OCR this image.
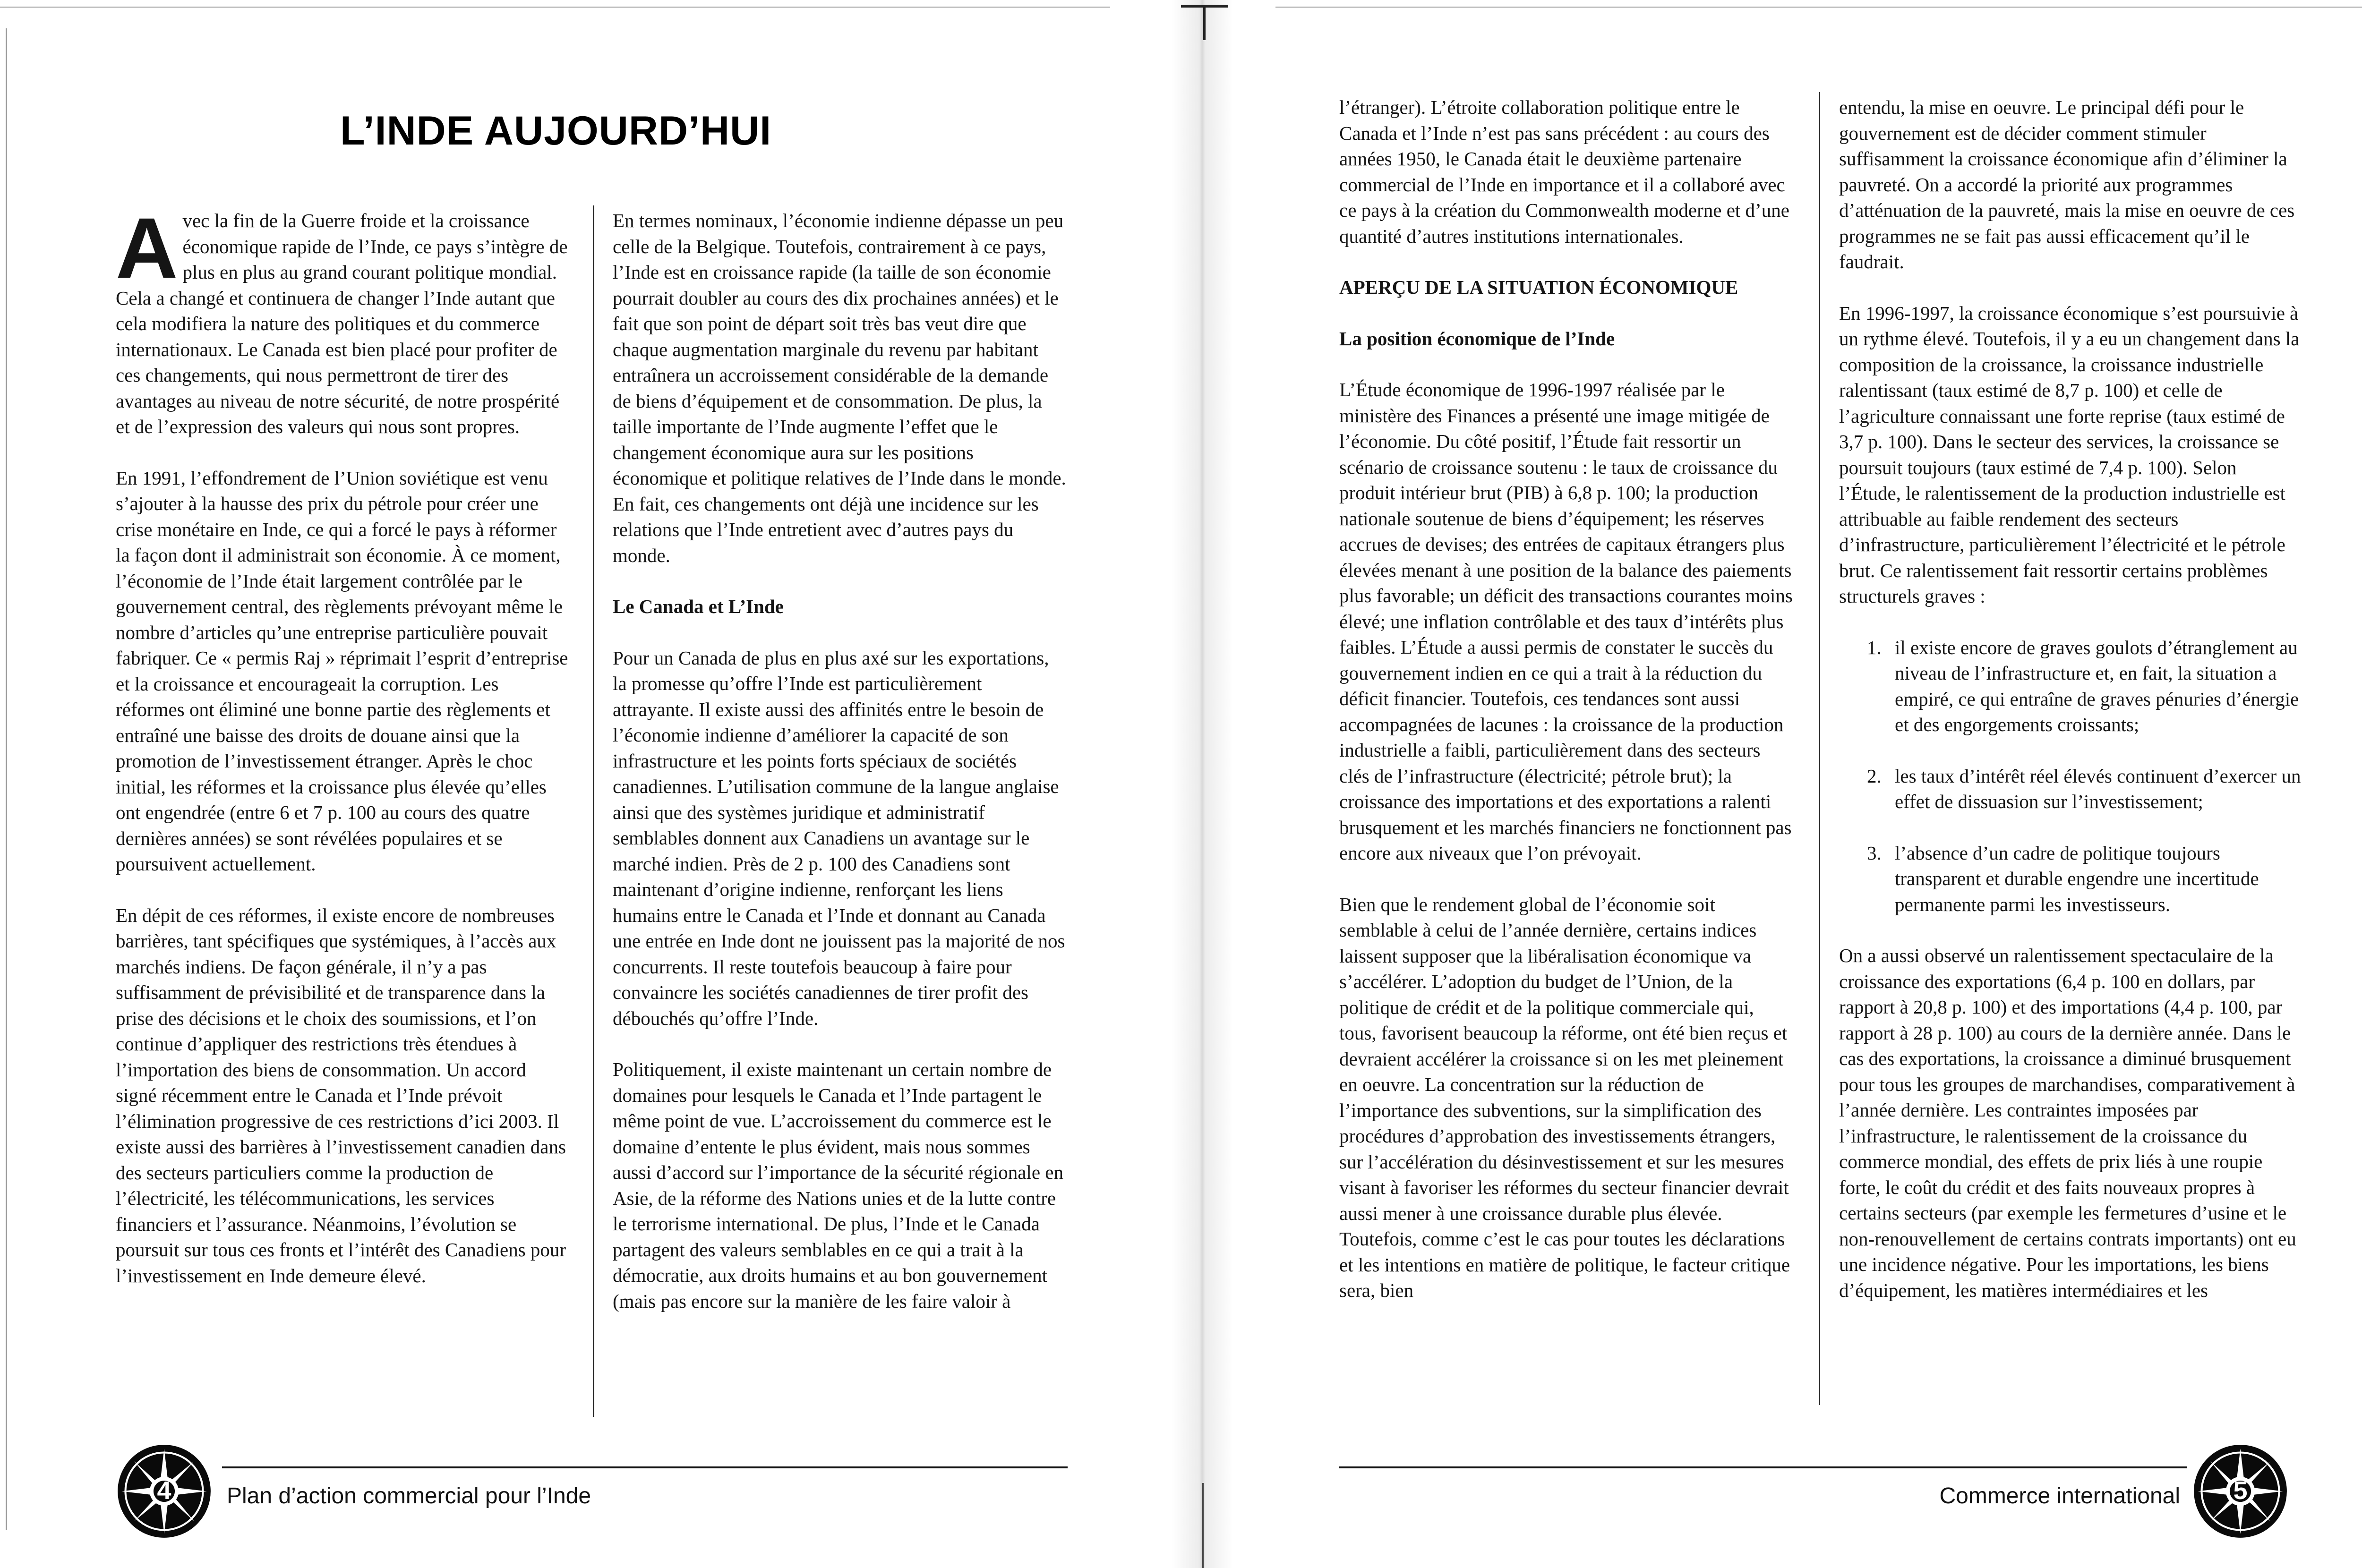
L’INDE AUJOURD’HUI

Avec la fin de la Guerre froide et la croissance économique rapide de l’Inde, ce pays s’intègre de plus en plus au grand courant politique mondial. Cela a changé et continuera de changer l’Inde autant que cela modifiera la nature des politiques et du commerce internationaux. Le Canada est bien placé pour profiter de ces changements, qui nous permettront de tirer des avantages au niveau de notre sécurité, de notre prospérité et de l’expression des valeurs qui nous sont propres.

En 1991, l’effondrement de l’Union soviétique est venu s’ajouter à la hausse des prix du pétrole pour créer une crise monétaire en Inde, ce qui a forcé le pays à réformer la façon dont il administrait son économie. À ce moment, l’économie de l’Inde était largement contrôlée par le gouvernement central, des règlements prévoyant même le nombre d’articles qu’une entreprise particulière pouvait fabriquer. Ce « permis Raj » réprimait l’esprit d’entreprise et la croissance et encourageait la corruption. Les réformes ont éliminé une bonne partie des règlements et entraîné une baisse des droits de douane ainsi que la promotion de l’investissement étranger. Après le choc initial, les réformes et la croissance plus élevée qu’elles ont engendrée (entre 6 et 7 p. 100 au cours des quatre dernières années) se sont révélées populaires et se poursuivent actuellement.

En dépit de ces réformes, il existe encore de nombreuses barrières, tant spécifiques que systémiques, à l’accès aux marchés indiens. De façon générale, il n’y a pas suffisamment de prévisibilité et de transparence dans la prise des décisions et le choix des soumissions, et l’on continue d’appliquer des restrictions très étendues à l’importation des biens de consommation. Un accord signé récemment entre le Canada et l’Inde prévoit l’élimination progressive de ces restrictions d’ici 2003. Il existe aussi des barrières à l’investissement canadien dans des secteurs particuliers comme la production de l’électricité, les télécommunications, les services financiers et l’assurance. Néanmoins, l’évolution se poursuit sur tous ces fronts et l’intérêt des Canadiens pour l’investissement en Inde demeure élevé.

En termes nominaux, l’économie indienne dépasse un peu celle de la Belgique. Toutefois, contrairement à ce pays, l’Inde est en croissance rapide (la taille de son économie pourrait doubler au cours des dix prochaines années) et le fait que son point de départ soit très bas veut dire que chaque augmentation marginale du revenu par habitant entraînera un accroissement considérable de la demande de biens d’équipement et de consommation. De plus, la taille importante de l’Inde augmente l’effet que le changement économique aura sur les positions économique et politique relatives de l’Inde dans le monde. En fait, ces changements ont déjà une incidence sur les relations que l’Inde entretient avec d’autres pays du monde.

Le Canada et L’Inde

Pour un Canada de plus en plus axé sur les exportations, la promesse qu’offre l’Inde est particulièrement attrayante. Il existe aussi des affinités entre le besoin de l’économie indienne d’améliorer la capacité de son infrastructure et les points forts spéciaux de sociétés canadiennes. L’utilisation commune de la langue anglaise ainsi que des systèmes juridique et administratif semblables donnent aux Canadiens un avantage sur le marché indien. Près de 2 p. 100 des Canadiens sont maintenant d’origine indienne, renforçant les liens humains entre le Canada et l’Inde et donnant au Canada une entrée en Inde dont ne jouissent pas la majorité de nos concurrents. Il reste toutefois beaucoup à faire pour convaincre les sociétés canadiennes de tirer profit des débouchés qu’offre l’Inde.

Politiquement, il existe maintenant un certain nombre de domaines pour lesquels le Canada et l’Inde partagent le même point de vue. L’accroissement du commerce est le domaine d’entente le plus évident, mais nous sommes aussi d’accord sur l’importance de la sécurité régionale en Asie, de la réforme des Nations unies et de la lutte contre le terrorisme international. De plus, l’Inde et le Canada partagent des valeurs semblables en ce qui a trait à la démocratie, aux droits humains et au bon gouvernement (mais pas encore sur la manière de les faire valoir à

4	Plan d’action commercial pour l’Inde

l’étranger). L’étroite collaboration politique entre le Canada et l’Inde n’est pas sans précédent : au cours des années 1950, le Canada était le deuxième partenaire commercial de l’Inde en importance et il a collaboré avec ce pays à la création du Commonwealth moderne et d’une quantité d’autres institutions internationales.

APERÇU DE LA SITUATION ÉCONOMIQUE
La position économique de l’Inde

L’Étude économique de 1996-1997 réalisée par le ministère des Finances a présenté une image mitigée de l’économie. Du côté positif, l’Étude fait ressortir un scénario de croissance soutenu : le taux de croissance du produit intérieur brut (PIB) à 6,8 p. 100; la production nationale soutenue de biens d’équipement; les réserves accrues de devises; des entrées de capitaux étrangers plus élevées menant à une position de la balance des paiements plus favorable; un déficit des transactions courantes moins élevé; une inflation contrôlable et des taux d’intérêts plus faibles. L’Étude a aussi permis de constater le succès du gouvernement indien en ce qui a trait à la réduction du déficit financier. Toutefois, ces tendances sont aussi accompagnées de lacunes : la croissance de la production industrielle a faibli, particulièrement dans des secteurs clés de l’infrastructure (électricité; pétrole brut); la croissance des importations et des exportations a ralenti brusquement et les marchés financiers ne fonctionnent pas encore aux niveaux que l’on prévoyait.

Bien que le rendement global de l’économie soit semblable à celui de l’année dernière, certains indices laissent supposer que la libéralisation économique va s’accélérer. L’adoption du budget de l’Union, de la politique de crédit et de la politique commerciale qui, tous, favorisent beaucoup la réforme, ont été bien reçus et devraient accélérer la croissance si on les met pleinement en oeuvre. La concentration sur la réduction de l’importance des subventions, sur la simplification des procédures d’approbation des investissements étrangers, sur l’accélération du désinvestissement et sur les mesures visant à favoriser les réformes du secteur financier devrait aussi mener à une croissance durable plus élevée. Toutefois, comme c’est le cas pour toutes les déclarations et les intentions en matière de politique, le facteur critique sera, bien

entendu, la mise en oeuvre. Le principal défi pour le gouvernement est de décider comment stimuler suffisamment la croissance économique afin d’éliminer la pauvreté. On a accordé la priorité aux programmes d’atténuation de la pauvreté, mais la mise en oeuvre de ces programmes ne se fait pas aussi efficacement qu’il le faudrait.

En 1996-1997, la croissance économique s’est poursuivie à un rythme élevé. Toutefois, il y a eu un changement dans la composition de la croissance, la croissance industrielle ralentissant (taux estimé de 8,7 p. 100) et celle de l’agriculture connaissant une forte reprise (taux estimé de 3,7 p. 100). Dans le secteur des services, la croissance se poursuit toujours (taux estimé de 7,4 p. 100). Selon l’Étude, le ralentissement de la production industrielle est attribuable au faible rendement des secteurs d’infrastructure, particulièrement l’électricité et le pétrole brut. Ce ralentissement fait ressortir certains problèmes structurels graves :

1. il existe encore de graves goulots d’étranglement au niveau de l’infrastructure et, en fait, la situation a empiré, ce qui entraîne de graves pénuries d’énergie et des engorgements croissants;
2. les taux d’intérêt réel élevés continuent d’exercer un effet de dissuasion sur l’investissement;
3. l’absence d’un cadre de politique toujours transparent et durable engendre une incertitude permanente parmi les investisseurs.

On a aussi observé un ralentissement spectaculaire de la croissance des exportations (6,4 p. 100 en dollars, par rapport à 20,8 p. 100) et des importations (4,4 p. 100, par rapport à 28 p. 100) au cours de la dernière année. Dans le cas des exportations, la croissance a diminué brusquement pour tous les groupes de marchandises, comparativement à l’année dernière. Les contraintes imposées par l’infrastructure, le ralentissement de la croissance du commerce mondial, des effets de prix liés à une roupie forte, le coût du crédit et des faits nouveaux propres à certains secteurs (par exemple les fermetures d’usine et le non-renouvellement de certains contrats importants) ont eu une incidence négative. Pour les importations, les biens d’équipement, les matières intermédiaires et les

Commerce international	5
